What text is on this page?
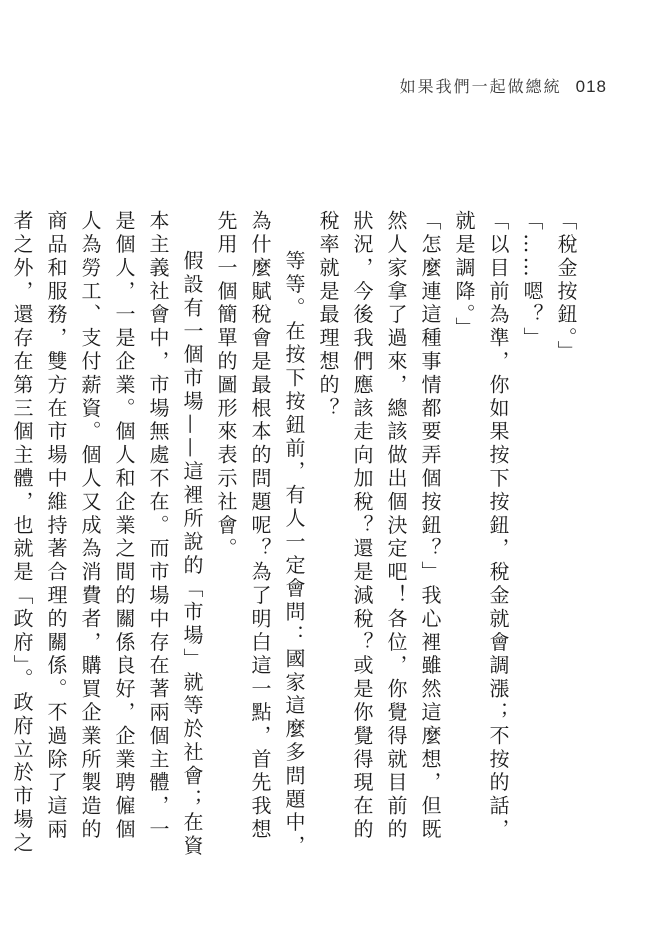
如果我們一起做總統 018

「稅金按鈕。」

「……嗯？」

「以目前為準，你如果按下按鈕，稅金就會調漲；不按的話，就是調降。」

「怎麼連這種事情都要弄個按鈕？」我心裡雖然這麼想，但既然人家拿了過來，總該做出個決定吧！各位，你覺得就目前的狀況，今後我們應該走向加稅？還是減稅？或是你覺得現在的稅率就是最理想的？

等等。在按下按鈕前，有人一定會問：國家這麼多問題中，為什麼賦稅會是最根本的問題呢？為了明白這一點，首先我想先用一個簡單的圖形來表示社會。

假設有一個市場——這裡所說的「市場」就等於社會；在資本主義社會中，市場無處不在。而市場中存在著兩個主體，一是個人，一是企業。個人和企業之間的關係良好，企業聘僱個人為勞工、支付薪資。個人又成為消費者，購買企業所製造的商品和服務，雙方在市場中維持著合理的關係。不過除了這兩者之外，還存在第三個主體，也就是「政府」。政府立於市場之
